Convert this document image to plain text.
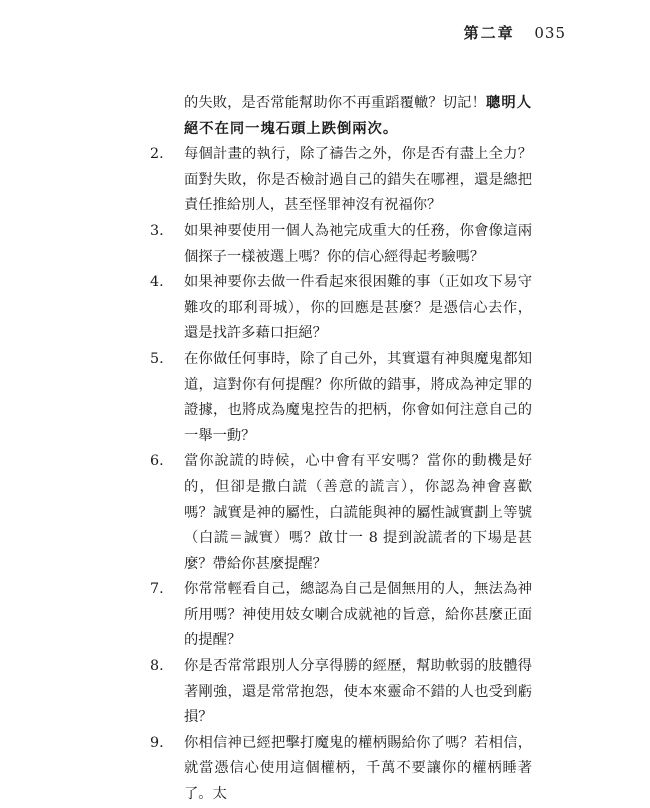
第二章 035
的失敗，是否常能幫助你不再重蹈覆轍？切記！聰明人絕不在同一塊石頭上跌倒兩次。
2. 每個計畫的執行，除了禱告之外，你是否有盡上全力？面對失敗，你是否檢討過自己的錯失在哪裡，還是總把責任推給別人，甚至怪罪神沒有祝福你？
3. 如果神要使用一個人為祂完成重大的任務，你會像這兩個探子一樣被選上嗎？你的信心經得起考驗嗎？
4. 如果神要你去做一件看起來很困難的事（正如攻下易守難攻的耶利哥城），你的回應是甚麼？是憑信心去作，還是找許多藉口拒絕？
5. 在你做任何事時，除了自己外，其實還有神與魔鬼都知道，這對你有何提醒？你所做的錯事，將成為神定罪的證據，也將成為魔鬼控告的把柄，你會如何注意自己的一舉一動？
6. 當你說謊的時候，心中會有平安嗎？當你的動機是好的，但卻是撒白謊（善意的謊言），你認為神會喜歡嗎？誠實是神的屬性，白謊能與神的屬性誠實劃上等號（白謊＝誠實）嗎？啟廿一 8 提到說謊者的下場是甚麼？帶給你甚麼提醒？
7. 你常常輕看自己，總認為自己是個無用的人，無法為神所用嗎？神使用妓女喇合成就祂的旨意，給你甚麼正面的提醒？
8. 你是否常常跟別人分享得勝的經歷，幫助軟弱的肢體得著剛強，還是常常抱怨，使本來靈命不錯的人也受到虧損？
9. 你相信神已經把擊打魔鬼的權柄賜給你了嗎？若相信，就當憑信心使用這個權柄，千萬不要讓你的權柄睡著了。太
